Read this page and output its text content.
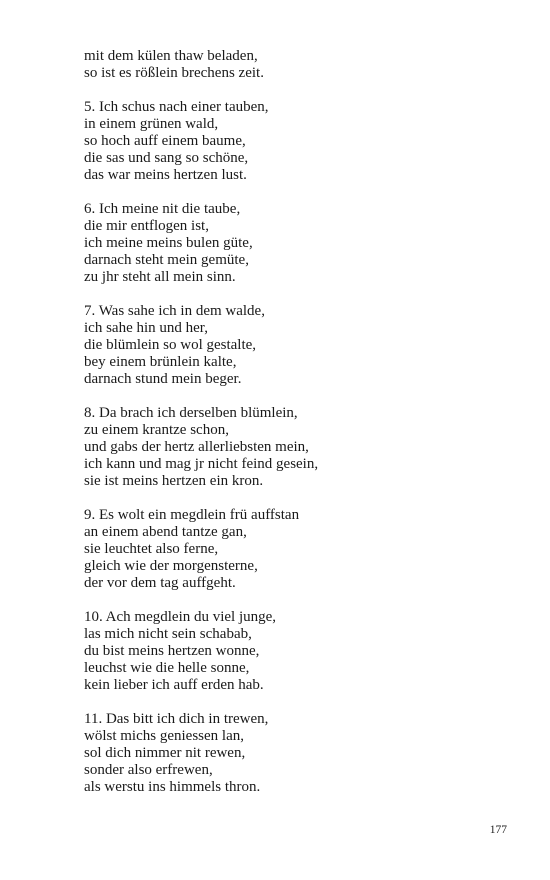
mit dem külen thaw beladen,
so ist es rößlein brechens zeit.
5. Ich schus nach einer tauben,
in einem grünen wald,
so hoch auff einem baume,
die sas und sang so schöne,
das war meins hertzen lust.
6. Ich meine nit die taube,
die mir entflogen ist,
ich meine meins bulen güte,
darnach steht mein gemüte,
zu jhr steht all mein sinn.
7. Was sahe ich in dem walde,
ich sahe hin und her,
die blümlein so wol gestalte,
bey einem brünlein kalte,
darnach stund mein beger.
8. Da brach ich derselben blümlein,
zu einem krantze schon,
und gabs der hertz allerliebsten mein,
ich kann und mag jr nicht feind gesein,
sie ist meins hertzen ein kron.
9. Es wolt ein megdlein frü auffstan
an einem abend tantze gan,
sie leuchtet also ferne,
gleich wie der morgensterne,
der vor dem tag auffgeht.
10. Ach megdlein du viel junge,
las mich nicht sein schabab,
du bist meins hertzen wonne,
leuchst wie die helle sonne,
kein lieber ich auff erden hab.
11. Das bitt ich dich in trewen,
wölst michs geniessen lan,
sol dich nimmer nit rewen,
sonder also erfrewen,
als werstu ins himmels thron.
177
